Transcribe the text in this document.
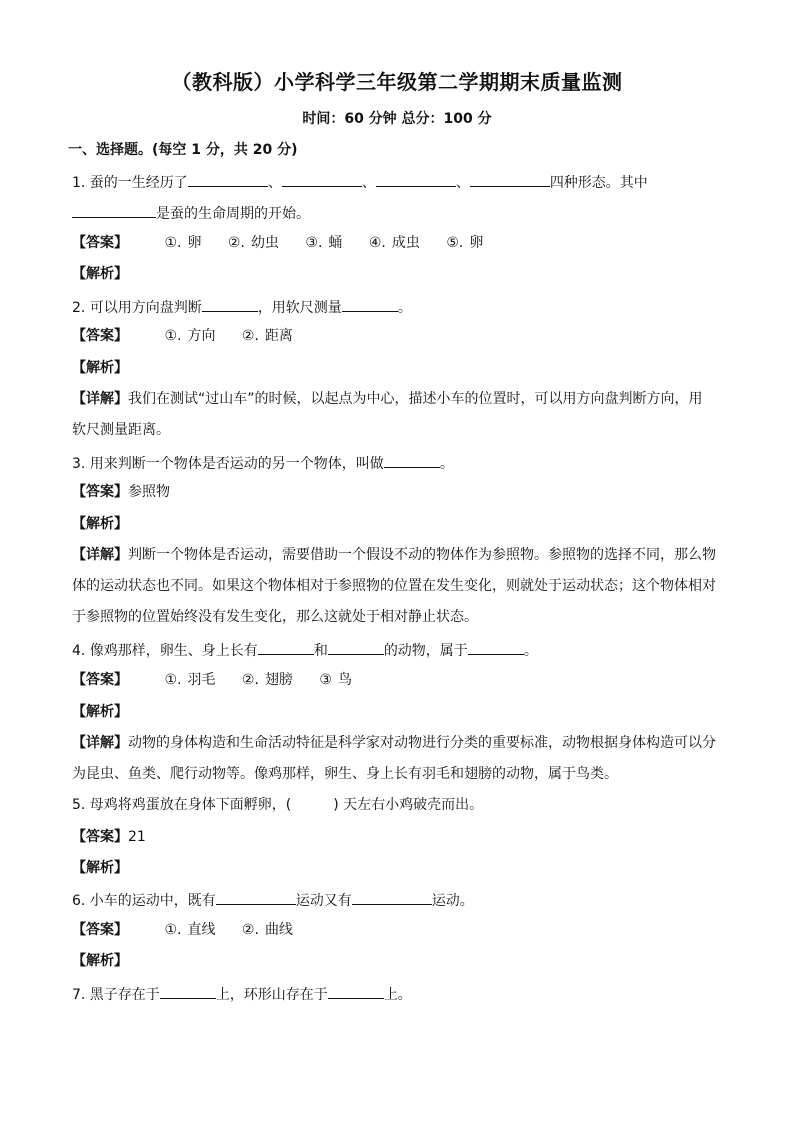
（教科版）小学科学三年级第二学期期末质量监测
时间：60 分钟 总分：100 分
一、选择题。(每空 1 分，共 20 分)
1. 蚕的一生经历了	、	、	、	四种形态。其中
是蚕的生命周期的开始。
【答案】	①. 卵 ②. 幼虫 ③. 蛹 ④. 成虫 ⑤. 卵
【解析】
2. 可以用方向盘判断	，用软尺测量	。
【答案】	①. 方向 ②. 距离
【解析】
【详解】我们在测试“过山车”的时候，以起点为中心，描述小车的位置时，可以用方向盘判断方向，用
软尺测量距离。
3. 用来判断一个物体是否运动的另一个物体，叫做	。
【答案】参照物
【解析】
【详解】判断一个物体是否运动，需要借助一个假设不动的物体作为参照物。参照物的选择不同，那么物
体的运动状态也不同。如果这个物体相对于参照物的位置在发生变化，则就处于运动状态；这个物体相对
于参照物的位置始终没有发生变化，那么这就处于相对静止状态。
4. 像鸡那样，卵生、身上长有	和	的动物，属于	。
【答案】	①. 羽毛 ②. 翅膀 ③ 鸟
【解析】
【详解】动物的身体构造和生命活动特征是科学家对动物进行分类的重要标准，动物根据身体构造可以分
为昆虫、鱼类、爬行动物等。像鸡那样，卵生、身上长有羽毛和翅膀的动物，属于鸟类。
5. 母鸡将鸡蛋放在身体下面孵卵，(　　　) 天左右小鸡破壳而出。
【答案】21
【解析】
6. 小车的运动中，既有	运动又有	运动。
【答案】	①. 直线 ②. 曲线
【解析】
7. 黑子存在于	上，环形山存在于	上。
